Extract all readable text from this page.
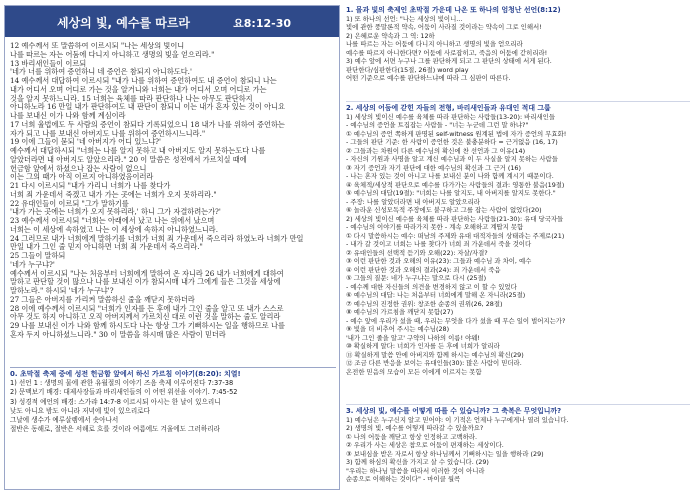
세상의 빛, 예수를 따르라	요8:12-30
12 예수께서 또 말씀하여 이르시되 "나는 세상의 빛이니
나를 따르는 자는 어둠에 다니지 아니하고 생명의 빛을 얻으리라."
13 바리새인들이 이르되
'네가 너를 위하여 증언하니 네 증언은 참되지 아니하도다.'
14 예수께서 대답하여 이르시되 "내가 나를 위하여 증언하여도 내 증언이 참되니 나는
내가 어디서 오며 어디로 가는 것을 알거니와 너희는 내가 어디서 오며 어디로 가는
것을 알지 못하느니라. 15 너희는 육체를 따라 판단하나 나는 아무도 판단하지
아니하노라 16 만일 내가 판단하여도 내 판단이 참되니 이는 내가 혼자 있는 것이 아니요
나를 보내신 이가 나와 함께 계심이라
17 너희 율법에도 두 사람의 증언이 참되다 기록되었으니 18 내가 나를 위하여 증언하는
자가 되고 나를 보내신 아버지도 나를 위하여 증언하시느니라."
19 이에 그들이 묻되 '네 아버지가 어디 있느냐?'
예수께서 대답하시되 "너희는 나를 알지 못하고 내 아버지도 알지 못하는도다 나를
알았더라면 내 아버지도 알았으리라." 20 이 말씀은 성전에서 가르치실 때에
헌금함 앞에서 하셨으나 잡는 사람이 없으니
이는 그의 때가 아직 이르지 아니하였음이러라
21 다시 이르시되 "내가 가리니 너희가 나를 찾다가
너희 죄 가운데서 죽겠고 내가 가는 곳에는 너희가 오지 못하리라."
22 유대인들이 이르되 "그가 말하기를
'내가 가는 곳에는 너희가 오지 못하리라,' 하니 그가 자결하려는가?'
23 예수께서 이르시되 "너희는 아래에서 났고 나는 위에서 났으며
너희는 이 세상에 속하였고 나는 이 세상에 속하지 아니하였느니라.
24 그러므로 내가 너희에게 말하기를 너희가 너희 죄 가운데서 죽으리라 하였노라 너희가 만일
만일 내가 그인 줄 믿지 아니하면 너희 죄 가운데서 죽으리라."
25 그들이 말하되
'네가 누구냐?'
예수께서 이르시되 "나는 처음부터 너희에게 말하여 온 자니라 26 내가 너희에게 대하여
말하고 판단할 것이 많으나 나를 보내신 이가 참되시매 내가 그에게 들은 그것을 세상에
말하노라." 하시되 '네가 누구냐'?
27 그들은 아버지를 가리켜 말씀하신 줄을 깨닫지 못하더라
28 이에 예수께서 이르시되 "너희가 인자를 든 후에 내가 그인 줄을 알고 또 내가 스스로
아무 것도 하지 아니하고 오직 아버지께서 가르치신 대로 이런 것을 말하는 줄도 알리라
29 나를 보내신 이가 나와 함께 하시도다 나는 항상 그가 기뻐하시는 일을 행하므로 나를
혼자 두지 아니하셨느니라." 30 이 말씀을 하시매 많은 사람이 믿더라
0. 초막절 축제 중에 성전 헌금함 앞에서 하신 가르침 이야기(8:20): 치열!
1) 선언 1 : 생명의 물에 관한 유월절의 이야기 즈음 축제 이루어진다 7:37-38
2) 문맥보기 배경: 대제사장들과 바리새인들의 이 어떤 위선을 이야기. 7:45-52
3) 성경적 예언의 배경: 스가랴 14:7-8 이르시되 아시는 한 날이 있으리니
낮도 아니요 밤도 아니라 저녁에 빛이 있으리로다
그날에 생수가 예루살렘에서 솟아나서
절반은 동해로, 절반은 서해로 흐를 것이라 여름에도 겨울에도 그러하리라
1. 몰과 빛의 축제인 초막절 가운데 나온 또 하나의 엄청난 선언(8:12)
1) 또 하나의 선언: "나는 세상의 빛이니...
빛에 관한 풍말론적 약속, 어둠이 사라질 것이라는 약속이 그로 인해서!
2) 은혜로운 약속과 그 역: 12하
나를 따르는 자는 어둠에 다니지 아니하고 생명의 빛을 얻으리라
예수를 따르지 아니한다면? 어둠에 사로잡히고, 죽음의 어둠에 갇히리라!
3) 예수 앞에 서면 누구나 그를 판단하게 되고 그 판단의 상태에 서게 된다.
판단한다/심판한다(15절, 26절) word play
어떤 기준으로 예수를 판단하느냐에 따라 그 심판이 따른다.
2. 세상의 어둠에 갇힌 자들의 전형, 바리새인들과 유대인 적대 그룹
1) 세상의 빛이신 예수를 육체를 따라 판단하는 사람들(13-20): 바리새인들
- 예수님의 증언을 트집잡는 사람들 - "너는 누군데 그런 말 하냐?"
① 예수님의 증언 쪽하게 판명된 self-witness 원계된 법에 자가 증언의 무효화!
- 그들의 판단 기준: 한 사람이 증언한 것은 불충분하다 = 근거없음 (16, 17)
② 그들과는 차원이 다른 예수님의 확신에 찬 선언과 그 이유(14)
- 자신의 기원과 사명을 알고 계신 예수님과 이 두 사실을 알지 못하는 사람들
③ 자기 증언과 자기 판단에 대한 예수님의 확신과 그 근거 (16)
- 나는 혼자 있는 것이 아니고 나를 보내신 분이 나와 함께 계시기 때문이다.
④ 육체적/세상적 판단으로 예수를 다가가는 사람들의 결과: 영통한 불음(19절)
⑤ 예수님의 대답(19절): "너희는 나를 알지도, 내 아버지를 알지도 못한다."
- 주장: 나를 알았더라면 내 아버지도 알았으리라
⑥ 놀라운 신성모독적 주장에도 붙구하고 그를 잡는 사람이 없었다(20)
2) 세상의 빛이신 예수를 육체를 따라 판단하는 사람들(21-30): 유대 당국자들
- 예수님의 이야기를 따라가지 못한 - 계속 오해하고 계땁지 못함
① 다시 말씀하시는 예수: 떠남의 주제와 유대 대적자들의 상태라는 주제로(21)
- 내가 갈 것이고 너희는 나를 찾다가 너희 죄 가운데서 죽을 것이다
② 유대인들의 선택적 듣기와 오해(22): 자살/자결?
③ 이런 판단한 것과 오해의 이유(23): 그들과 예수님 과 차이, 예수
④ 이런 판단한 것과 오해의 결과(24): 죄 가운데서 죽음
⑤ 그들의 질문: 네가 누구냐는 말으로 다시 (25절)
- 예수께 대한 자신들의 의견을 변경하지 않고 이 할 수 있었다
⑥ 예수님의 대답: 나는 처음부터 너희에게 말해 온 자니라(25절)
⑦ 예수님의 진정한 권위: 창조한 순종의 권위(26, 28절)
⑧ 예수님의 가르침을 깨닫지 못함(27)
- 예수 앞에 우리가 섰을 때, 우리는 무엇을 다가 섰을 때 무슨 일이 벌어지는가?
⑨ 빛을 더 비추어 주시는 예수님(28)
'내가 그인 줄을 알고' 구약의 나하의 이름! 야웨!
⑩ 확실하게 알다: 너희가 인자를 든 후에 너희가 알리라
⑪ 확실하게 말씀 안에 아버지와 함께 하시는 예수님의 확신(29)
⑫ 조금 다른 반응을 보이는 유대인들(30): 많은 사람이 믿더라.
온전한 믿음의 모습이 모든 이에게 이르지는 못함
3. 세상의 빛, 예수를 어떻게 따를 수 있습니까? 그 축복은 무엇입니까?
1) 예수님은 누구신지 알고 믿어야: 이 기적은 언제나 누구에게나 열려 있습니다.
2) 생명의 빛, 예수를 어떻게 따라갈 수 있을까요?
① 나의 어둠을 깨닫고 항상 인정하고 고백하라.
② 우리가 사는 세상은 참으로 어둠이 편재하는 세상이다.
③ 보내심을 받은 자로서 항상 하나님께서 기뻐하시는 일을 행하라 (29)
3) 함께 하심의 확신을 가지고 살 수 있습니다. (29)
"우리는 하나님 말씀을 따라서 이러한 것이 아니라
순종으로 이해하는 것이다" - 마이클 월콕
